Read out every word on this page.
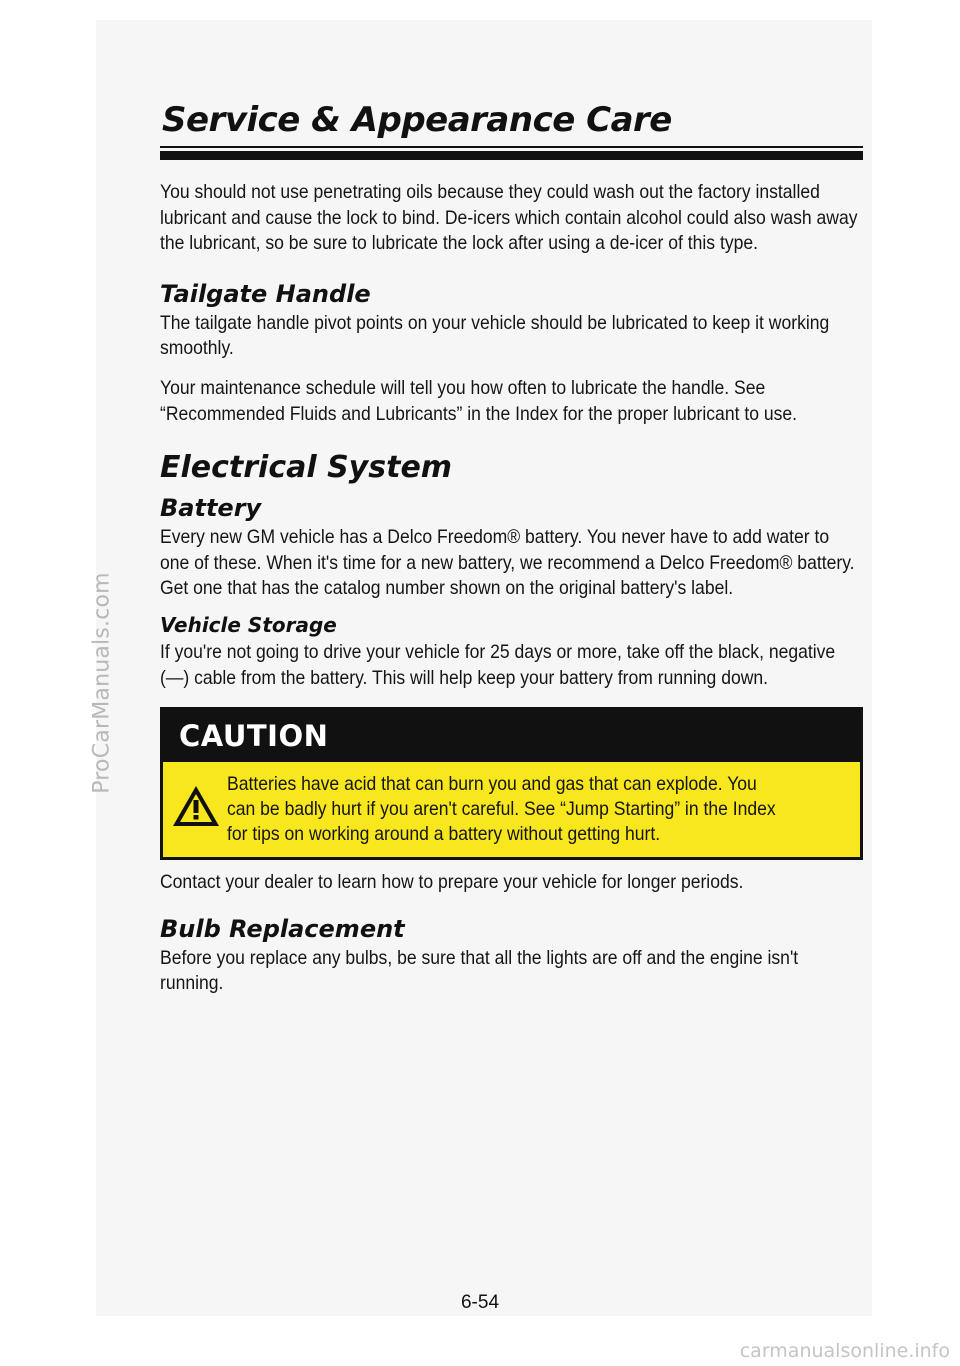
ProCarManuals.com
Service & Appearance Care

You should not use penetrating oils because they could wash out the factory installed lubricant and cause the lock to bind. De-icers which contain alcohol could also wash away the lubricant, so be sure to lubricate the lock after using a de-icer of this type.

Tailgate Handle

The tailgate handle pivot points on your vehicle should be lubricated to keep it working smoothly.

Your maintenance schedule will tell you how often to lubricate the handle. See “Recommended Fluids and Lubricants” in the Index for the proper lubricant to use.

Electrical System
Battery

Every new GM vehicle has a Delco Freedom® battery. You never have to add water to one of these. When it's time for a new battery, we recommend a Delco Freedom® battery. Get one that has the catalog number shown on the original battery's label.

Vehicle Storage

If you're not going to drive your vehicle for 25 days or more, take off the black, negative (—) cable from the battery. This will help keep your battery from running down.

CAUTION

Batteries have acid that can burn you and gas that can explode. You can be badly hurt if you aren't careful. See “Jump Starting” in the Index for tips on working around a battery without getting hurt.

Contact your dealer to learn how to prepare your vehicle for longer periods.

Bulb Replacement

Before you replace any bulbs, be sure that all the lights are off and the engine isn't running.

6-54
carmanualsonline.info
